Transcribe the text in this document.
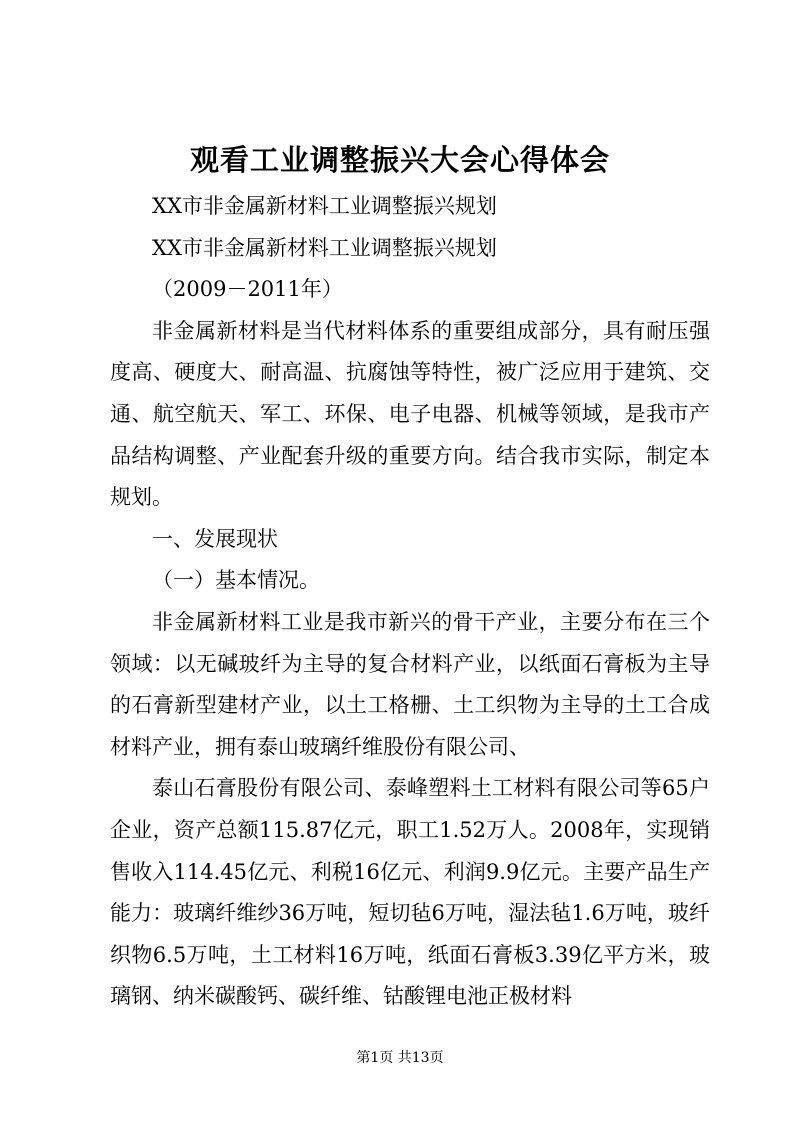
观看工业调整振兴大会心得体会

XX市非金属新材料工业调整振兴规划

XX市非金属新材料工业调整振兴规划

（2009－2011年）

非金属新材料是当代材料体系的重要组成部分，具有耐压强度高、硬度大、耐高温、抗腐蚀等特性，被广泛应用于建筑、交通、航空航天、军工、环保、电子电器、机械等领域，是我市产品结构调整、产业配套升级的重要方向。结合我市实际，制定本规划。

一、发展现状

（一）基本情况。

非金属新材料工业是我市新兴的骨干产业，主要分布在三个领域：以无碱玻纤为主导的复合材料产业，以纸面石膏板为主导的石膏新型建材产业，以土工格栅、土工织物为主导的土工合成材料产业，拥有泰山玻璃纤维股份有限公司、

泰山石膏股份有限公司、泰峰塑料土工材料有限公司等65户企业，资产总额115.87亿元，职工1.52万人。2008年，实现销售收入114.45亿元、利税16亿元、利润9.9亿元。主要产品生产能力：玻璃纤维纱36万吨，短切毡6万吨，湿法毡1.6万吨，玻纤织物6.5万吨，土工材料16万吨，纸面石膏板3.39亿平方米，玻璃钢、纳米碳酸钙、碳纤维、钴酸锂电池正极材料

第1页 共13页
